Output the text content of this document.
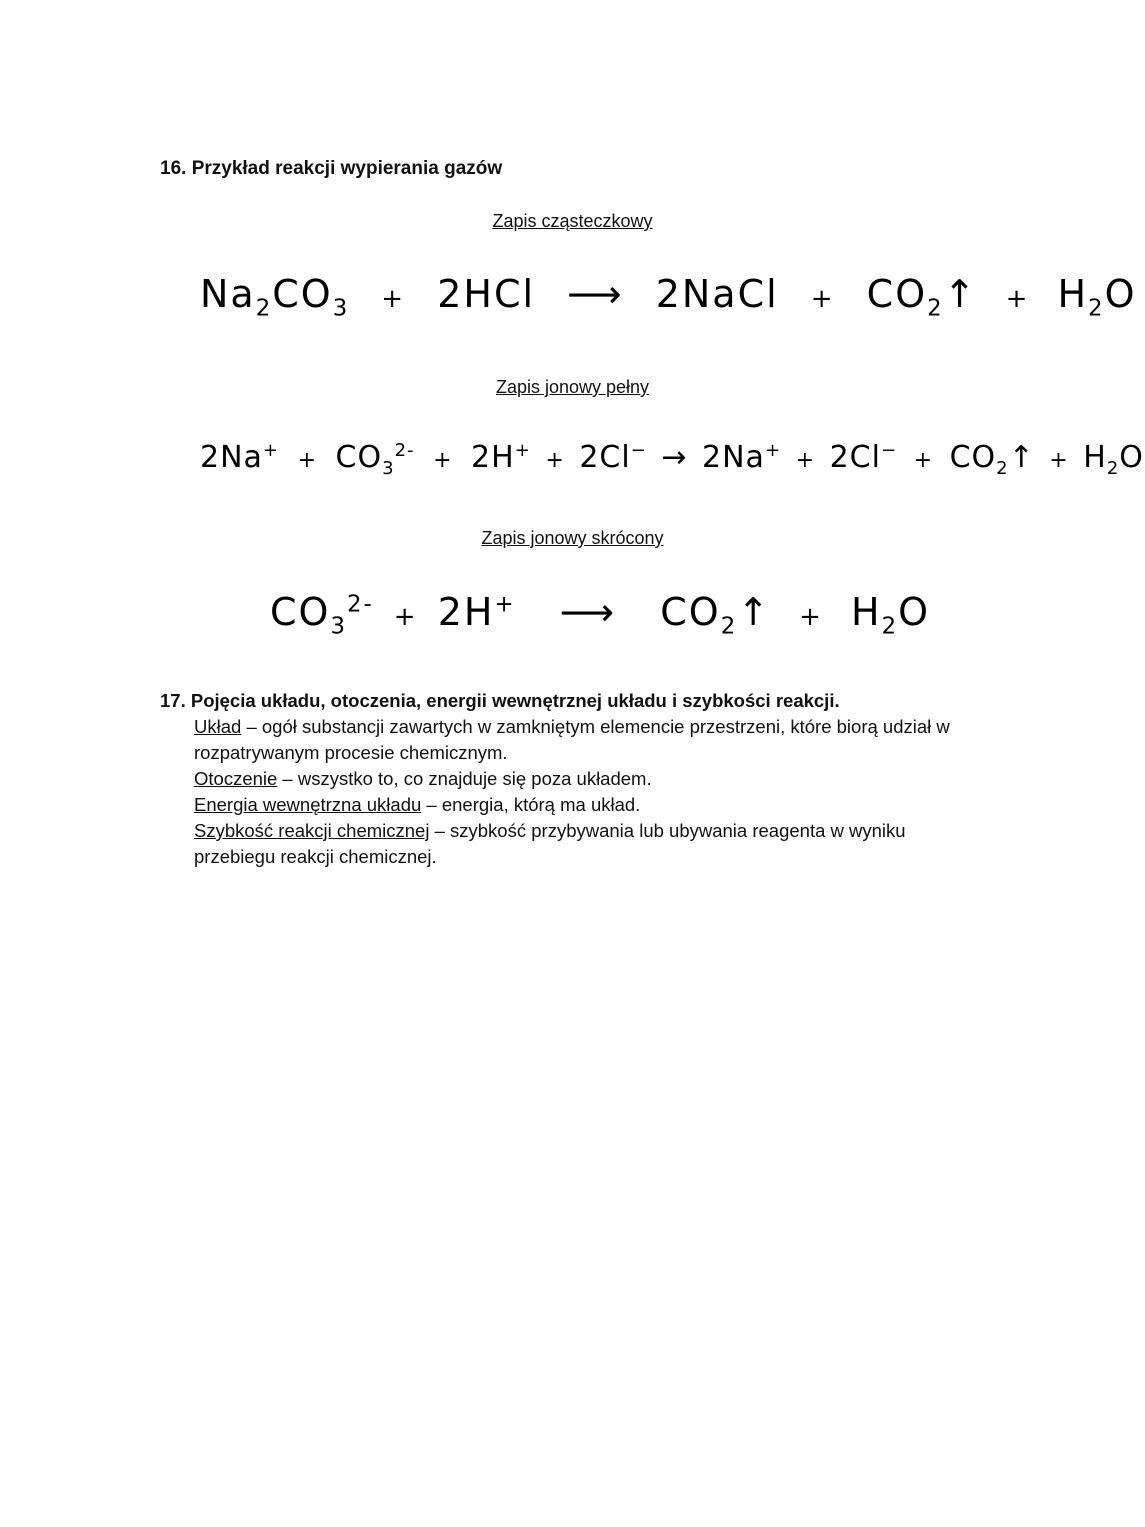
16. Przykład reakcji wypierania gazów
Zapis cząsteczkowy
$Na_2CO_3 + 2HCl$ ⟶ 2NaCl + $CO_2↑ + H_2O$
Zapis jonowy pełny
$2Na^+ + CO_3^{2-} + 2H^+ + 2Cl^- \to 2Na^+ + 2Cl^-$ + $CO_2↑ + H_2O$
Zapis jonowy skrócony
$CO_3^{2-} + 2H^+$ ⟶ $CO_2↑ + H_2O$
17. Pojęcia układu, otoczenia, energii wewnętrznej układu i szybkości reakcji.
Układ – ogół substancji zawartych w zamkniętym elemencie przestrzeni, które biorą udział w rozpatrywanym procesie chemicznym.
Otoczenie – wszystko to, co znajduje się poza układem.
Energia wewnętrzna układu – energia, którą ma układ.
Szybkość reakcji chemicznej – szybkość przybywania lub ubywania reagenta w wyniku przebiegu reakcji chemicznej.
